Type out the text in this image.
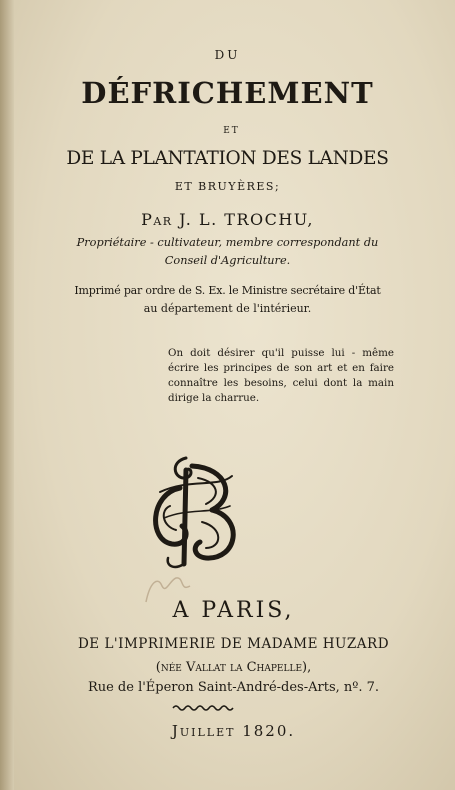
DU
DÉFRICHEMENT
ET
DE LA PLANTATION DES LANDES
ET BRUYÈRES;
Par J. L. TROCHU,
Propriétaire - cultivateur, membre correspondant du
Conseil d'Agriculture.
Imprimé par ordre de S. Ex. le Ministre secrétaire d'État
au département de l'intérieur.
On doit désirer qu'il puisse lui - même écrire les principes de son art et en faire connaître les besoins, celui dont la main dirige la charrue.
A PARIS,
DE L'IMPRIMERIE DE MADAME HUZARD
(née Vallat la Chapelle),
Rue de l'Éperon Saint-André-des-Arts, nº. 7.
Juillet 1820.
